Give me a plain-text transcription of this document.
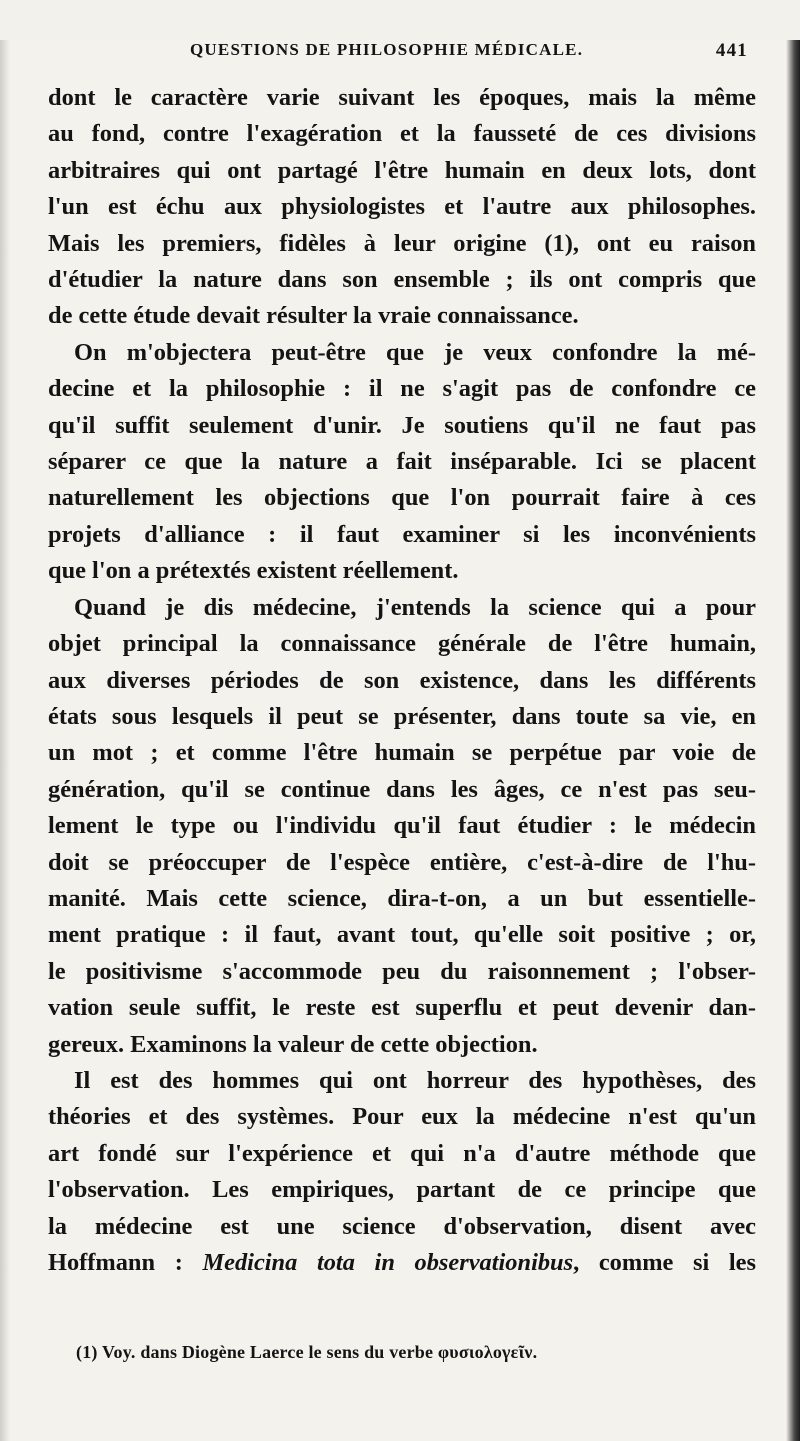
QUESTIONS DE PHILOSOPHIE MÉDICALE.	441

dont le caractère varie suivant les époques, mais la même
au fond, contre l'exagération et la fausseté de ces divisions
arbitraires qui ont partagé l'être humain en deux lots, dont
l'un est échu aux physiologistes et l'autre aux philosophes.
Mais les premiers, fidèles à leur origine (1), ont eu raison
d'étudier la nature dans son ensemble ; ils ont compris que
de cette étude devait résulter la vraie connaissance.

On m'objectera peut-être que je veux confondre la mé-
decine et la philosophie : il ne s'agit pas de confondre ce
qu'il suffit seulement d'unir. Je soutiens qu'il ne faut pas
séparer ce que la nature a fait inséparable. Ici se placent
naturellement les objections que l'on pourrait faire à ces
projets d'alliance : il faut examiner si les inconvénients
que l'on a prétextés existent réellement.

Quand je dis médecine, j'entends la science qui a pour
objet principal la connaissance générale de l'être humain,
aux diverses périodes de son existence, dans les différents
états sous lesquels il peut se présenter, dans toute sa vie, en
un mot ; et comme l'être humain se perpétue par voie de
génération, qu'il se continue dans les âges, ce n'est pas seu-
lement le type ou l'individu qu'il faut étudier : le médecin
doit se préoccuper de l'espèce entière, c'est-à-dire de l'hu-
manité. Mais cette science, dira-t-on, a un but essentielle-
ment pratique : il faut, avant tout, qu'elle soit positive ; or,
le positivisme s'accommode peu du raisonnement ; l'obser-
vation seule suffit, le reste est superflu et peut devenir dan-
gereux. Examinons la valeur de cette objection.

Il est des hommes qui ont horreur des hypothèses, des
théories et des systèmes. Pour eux la médecine n'est qu'un
art fondé sur l'expérience et qui n'a d'autre méthode que
l'observation. Les empiriques, partant de ce principe que
la médecine est une science d'observation, disent avec
Hoffmann : Medicina tota in observationibus, comme si les

(1) Voy. dans Diogène Laerce le sens du verbe φυσιολογεῖν.
